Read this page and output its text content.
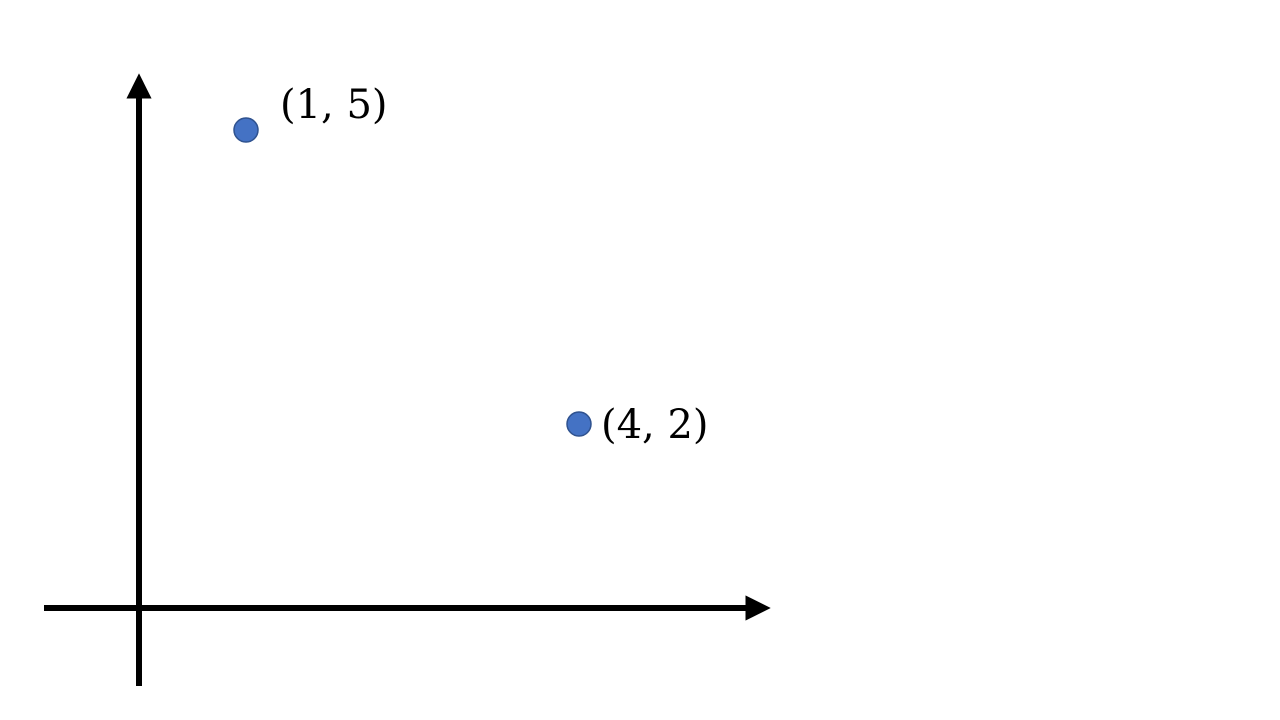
(1, 5)
(4, 2)
